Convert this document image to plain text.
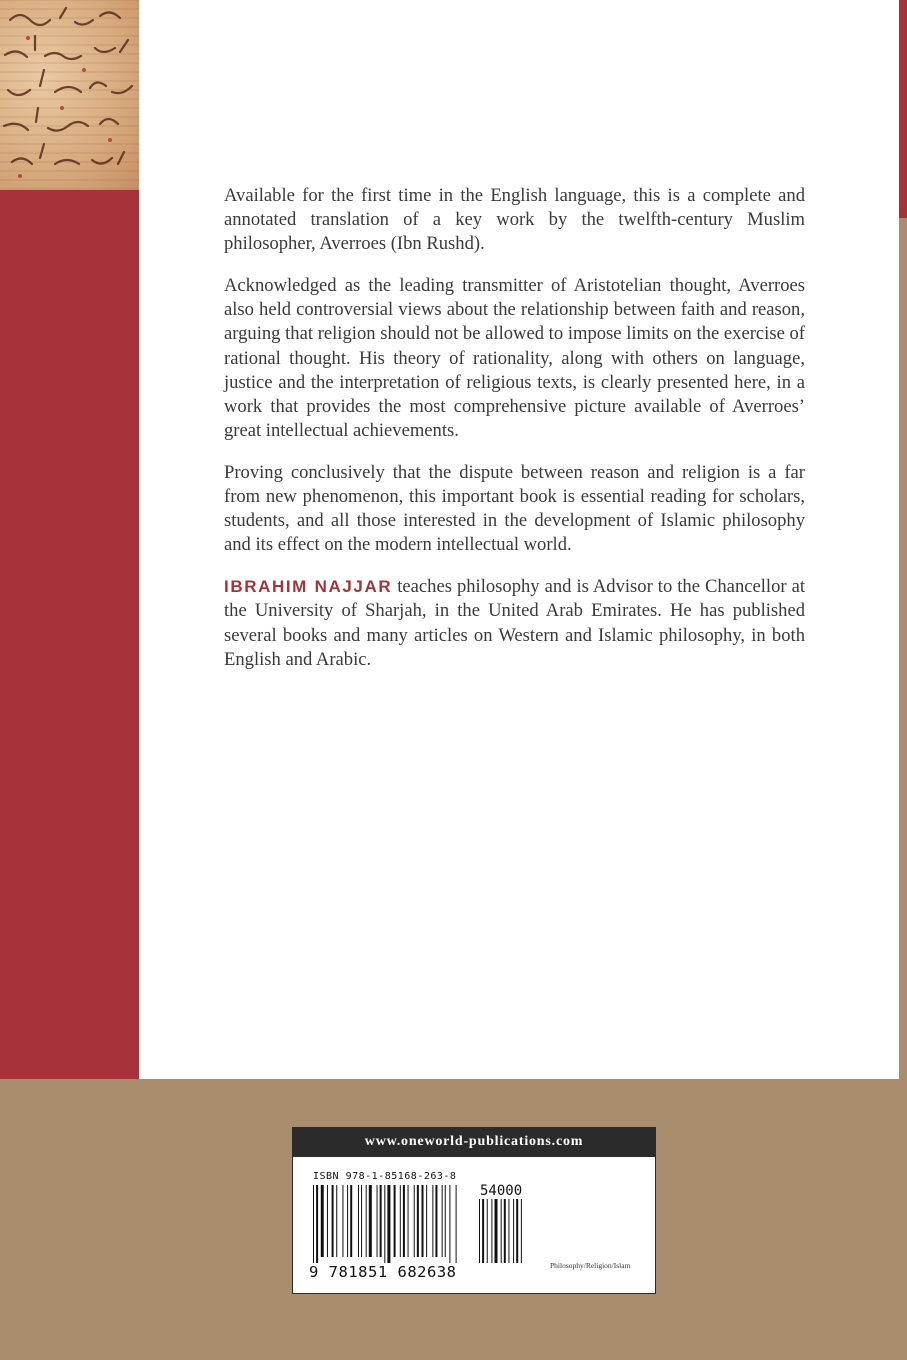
Available for the first time in the English language, this is a complete and annotated translation of a key work by the twelfth-century Muslim philosopher, Averroes (Ibn Rushd).

Acknowledged as the leading transmitter of Aristotelian thought, Averroes also held controversial views about the relationship between faith and reason, arguing that religion should not be allowed to impose limits on the exercise of rational thought. His theory of rationality, along with others on language, justice and the interpretation of religious texts, is clearly presented here, in a work that provides the most comprehensive picture available of Averroes’ great intellectual achievements.

Proving conclusively that the dispute between reason and religion is a far from new phenomenon, this important book is essential reading for scholars, students, and all those interested in the development of Islamic philosophy and its effect on the modern intellectual world.

IBRAHIM NAJJAR teaches philosophy and is Advisor to the Chancellor at the University of Sharjah, in the United Arab Emirates. He has published several books and many articles on Western and Islamic philosophy, in both English and Arabic.

www.oneworld-publications.com
ISBN 978-1-85168-263-8
54000
9 781851 682638	Philosophy/Religion/Islam
